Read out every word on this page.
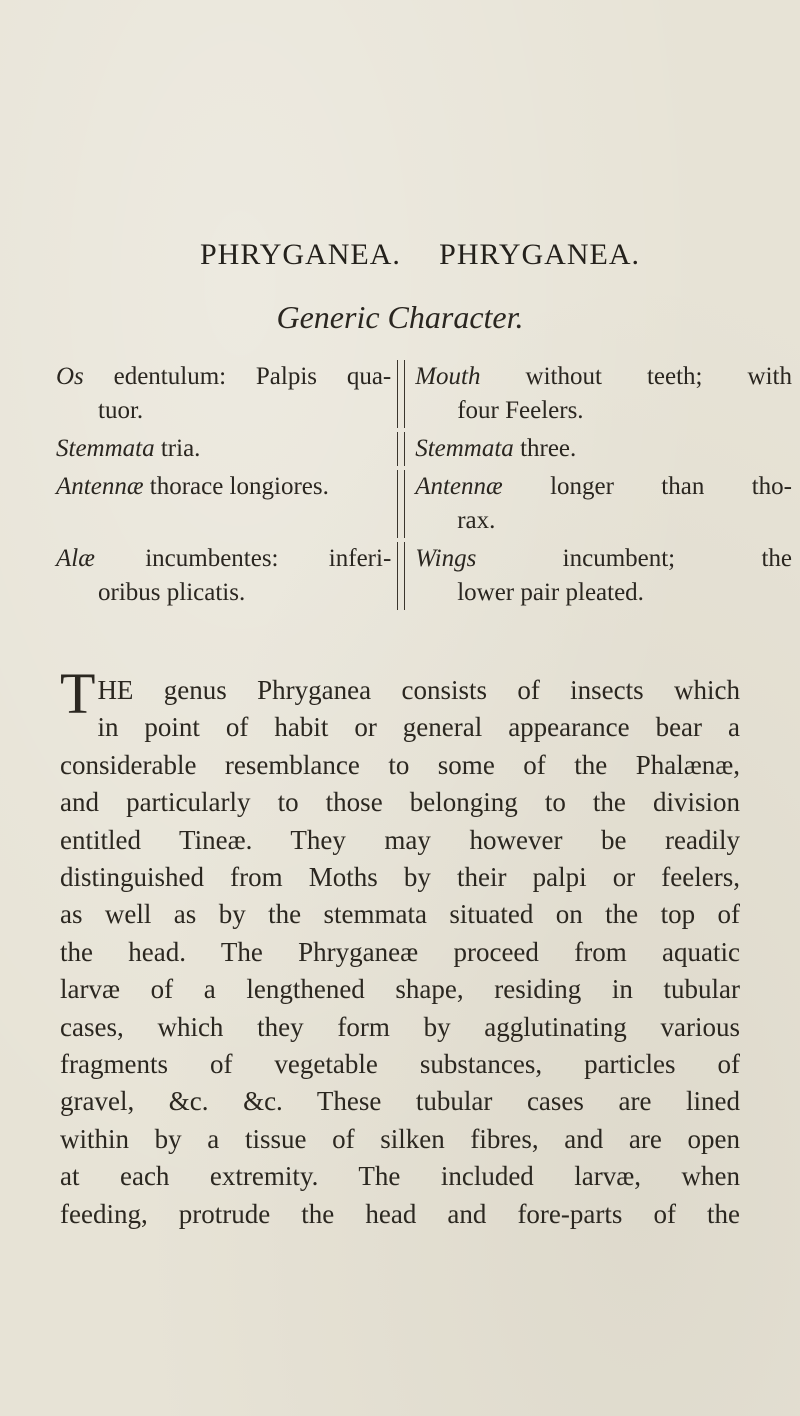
PHRYGANEA. PHRYGANEA.
Generic Character.
Os edentulum: Palpis qua-
tuor.
Mouth without teeth; with
four Feelers.
Stemmata tria.	Stemmata three.
Antennæ thorace longiores.	Antennæ longer than tho-
rax.
Alæ incumbentes: inferi-
oribus plicatis.
Wings incumbent; the
lower pair pleated.
THE genus Phryganea consists of insects which
in point of habit or general appearance bear a
considerable resemblance to some of the Phalænæ,
and particularly to those belonging to the division
entitled Tineæ. They may however be readily
distinguished from Moths by their palpi or feelers,
as well as by the stemmata situated on the top of
the head. The Phryganeæ proceed from aquatic
larvæ of a lengthened shape, residing in tubular
cases, which they form by agglutinating various
fragments of vegetable substances, particles of
gravel, &c. &c. These tubular cases are lined
within by a tissue of silken fibres, and are open
at each extremity. The included larvæ, when
feeding, protrude the head and fore-parts of the
